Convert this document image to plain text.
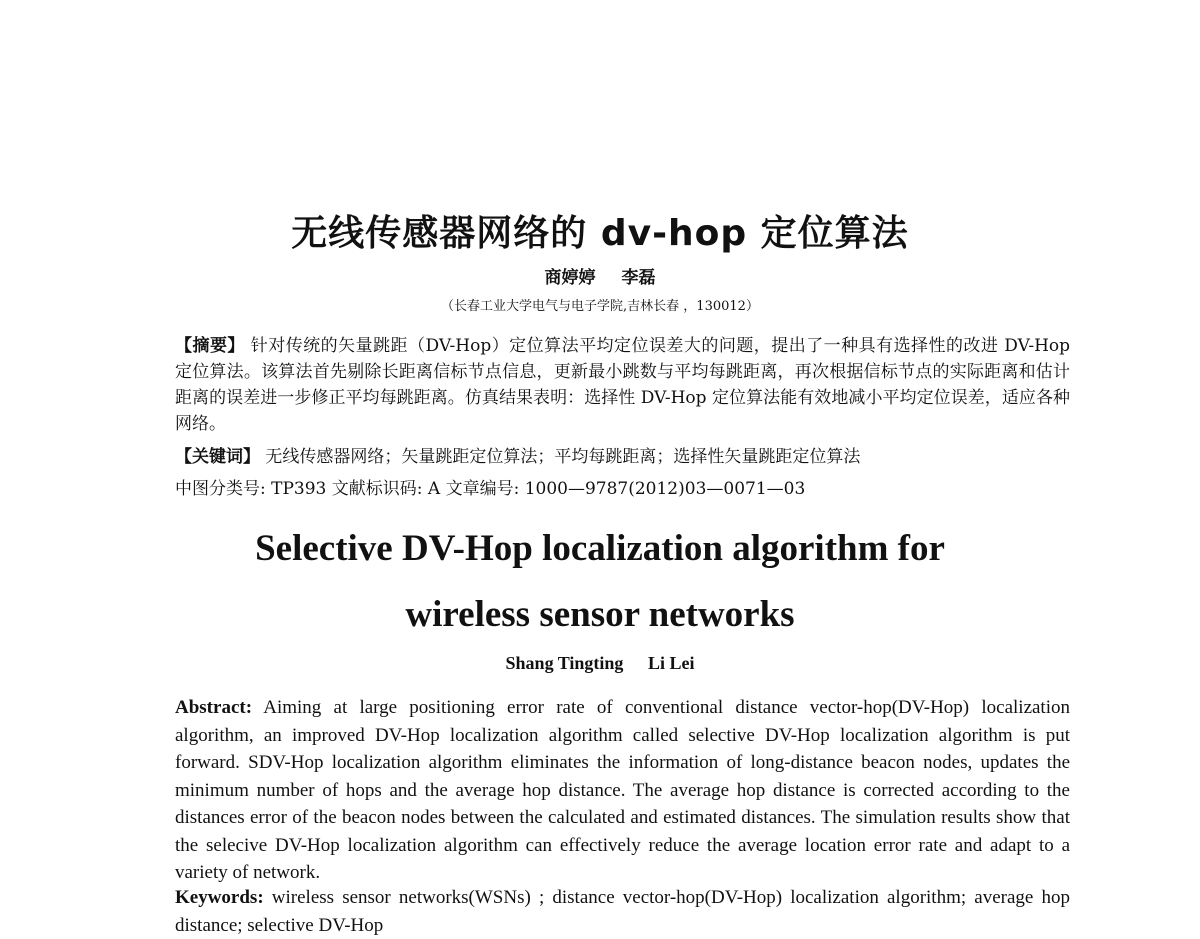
无线传感器网络的 dv-hop 定位算法
商婷婷 李磊
（长春工业大学电气与电子学院,吉林长春 ，130012）
【摘要】 针对传统的矢量跳距（DV-Hop）定位算法平均定位误差大的问题，提出了一种具有选择性的改进 DV-Hop 定位算法。该算法首先剔除长距离信标节点信息，更新最小跳数与平均每跳距离，再次根据信标节点的实际距离和估计距离的误差进一步修正平均每跳距离。仿真结果表明：选择性 DV-Hop 定位算法能有效地减小平均定位误差，适应各种网络。
【关键词】 无线传感器网络；矢量跳距定位算法；平均每跳距离；选择性矢量跳距定位算法
中图分类号: TP393 文献标识码: A 文章编号: 1000—9787(2012)03—0071—03
Selective DV-Hop localization algorithm for
wireless sensor networks
Shang Tingting Li Lei
Abstract: Aiming at large positioning error rate of conventional distance vector-hop(DV-Hop) localization algorithm, an improved DV-Hop localization algorithm called selective DV-Hop localization algorithm is put forward. SDV-Hop localization algorithm eliminates the information of long-distance beacon nodes, updates the minimum number of hops and the average hop distance. The average hop distance is corrected according to the distances error of the beacon nodes between the calculated and estimated distances. The simulation results show that the selecive DV-Hop localization algorithm can effectively reduce the average location error rate and adapt to a variety of network.
Keywords: wireless sensor networks(WSNs) ; distance vector-hop(DV-Hop) localization algorithm; average hop distance; selective DV-Hop
